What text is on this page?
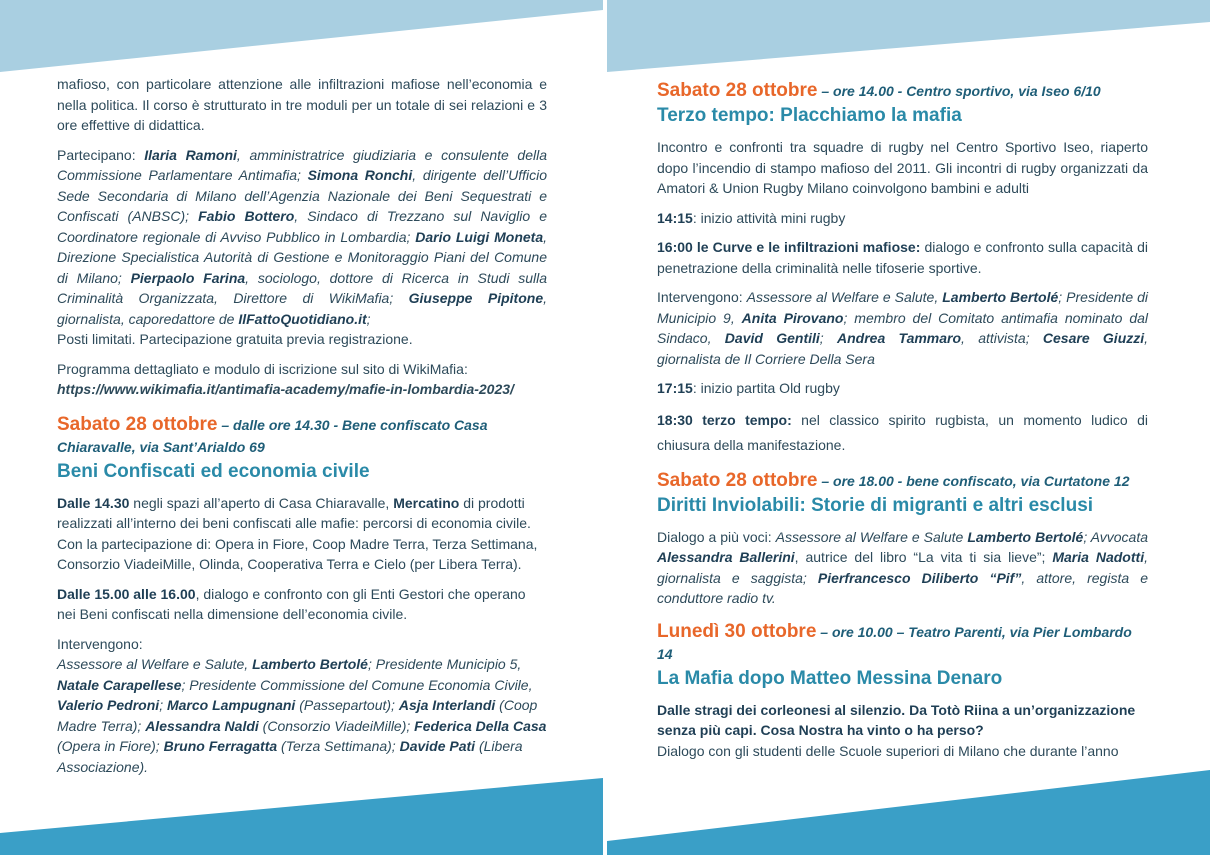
mafioso, con particolare attenzione alle infiltrazioni mafiose nell’economia e nella politica. Il corso è strutturato in tre moduli per un totale di sei relazioni e 3 ore effettive di didattica.

Partecipano: Ilaria Ramoni, amministratrice giudiziaria e consulente della Commissione Parlamentare Antimafia; Simona Ronchi, dirigente dell’Ufficio Sede Secondaria di Milano dell’Agenzia Nazionale dei Beni Sequestrati e Confiscati (ANBSC); Fabio Bottero, Sindaco di Trezzano sul Naviglio e Coordinatore regionale di Avviso Pubblico in Lombardia; Dario Luigi Moneta, Direzione Specialistica Autorità di Gestione e Monitoraggio Piani del Comune di Milano; Pierpaolo Farina, sociologo, dottore di Ricerca in Studi sulla Criminalità Organizzata, Direttore di WikiMafia; Giuseppe Pipitone, giornalista, caporedattore de IlFattoQuotidiano.it;
Posti limitati. Partecipazione gratuita previa registrazione.

Programma dettagliato e modulo di iscrizione sul sito di WikiMafia:
https://www.wikimafia.it/antimafia-academy/mafie-in-lombardia-2023/

Sabato 28 ottobre – dalle ore 14.30 - Bene confiscato Casa Chiaravalle, via Sant’Arialdo 69
Beni Confiscati ed economia civile

Dalle 14.30 negli spazi all’aperto di Casa Chiaravalle, Mercatino di prodotti realizzati all’interno dei beni confiscati alle mafie: percorsi di economia civile. Con la partecipazione di: Opera in Fiore, Coop Madre Terra, Terza Settimana, Consorzio ViadeiMille, Olinda, Cooperativa Terra e Cielo (per Libera Terra).

Dalle 15.00 alle 16.00, dialogo e confronto con gli Enti Gestori che operano nei Beni confiscati nella dimensione dell’economia civile.

Intervengono:
Assessore al Welfare e Salute, Lamberto Bertolé; Presidente Municipio 5, Natale Carapellese; Presidente Commissione del Comune Economia Civile, Valerio Pedroni; Marco Lampugnani (Passepartout); Asja Interlandi (Coop Madre Terra); Alessandra Naldi (Consorzio ViadeiMille); Federica Della Casa (Opera in Fiore); Bruno Ferragatta (Terza Settimana); Davide Pati (Libera Associazione).

Sabato 28 ottobre – ore 14.00 - Centro sportivo, via Iseo 6/10
Terzo tempo: Placchiamo la mafia

Incontro e confronti tra squadre di rugby nel Centro Sportivo Iseo, riaperto dopo l’incendio di stampo mafioso del 2011. Gli incontri di rugby organizzati da Amatori & Union Rugby Milano coinvolgono bambini e adulti

14:15: inizio attività mini rugby

16:00 le Curve e le infiltrazioni mafiose: dialogo e confronto sulla capacità di penetrazione della criminalità nelle tifoserie sportive.

Intervengono: Assessore al Welfare e Salute, Lamberto Bertolé; Presidente di Municipio 9, Anita Pirovano; membro del Comitato antimafia nominato dal Sindaco, David Gentili; Andrea Tammaro, attivista; Cesare Giuzzi, giornalista de Il Corriere Della Sera

17:15: inizio partita Old rugby

18:30 terzo tempo: nel classico spirito rugbista, un momento ludico di chiusura della manifestazione.

Sabato 28 ottobre – ore 18.00 - bene confiscato, via Curtatone 12
Diritti Inviolabili: Storie di migranti e altri esclusi

Dialogo a più voci: Assessore al Welfare e Salute Lamberto Bertolé; Avvocata Alessandra Ballerini, autrice del libro “La vita ti sia lieve”; Maria Nadotti, giornalista e saggista; Pierfrancesco Diliberto “Pif”, attore, regista e conduttore radio tv.

Lunedì 30 ottobre – ore 10.00 – Teatro Parenti, via Pier Lombardo 14
La Mafia dopo Matteo Messina Denaro

Dalle stragi dei corleonesi al silenzio. Da Totò Riina a un’organizzazione senza più capi. Cosa Nostra ha vinto o ha perso?

Dialogo con gli studenti delle Scuole superiori di Milano che durante l’anno
